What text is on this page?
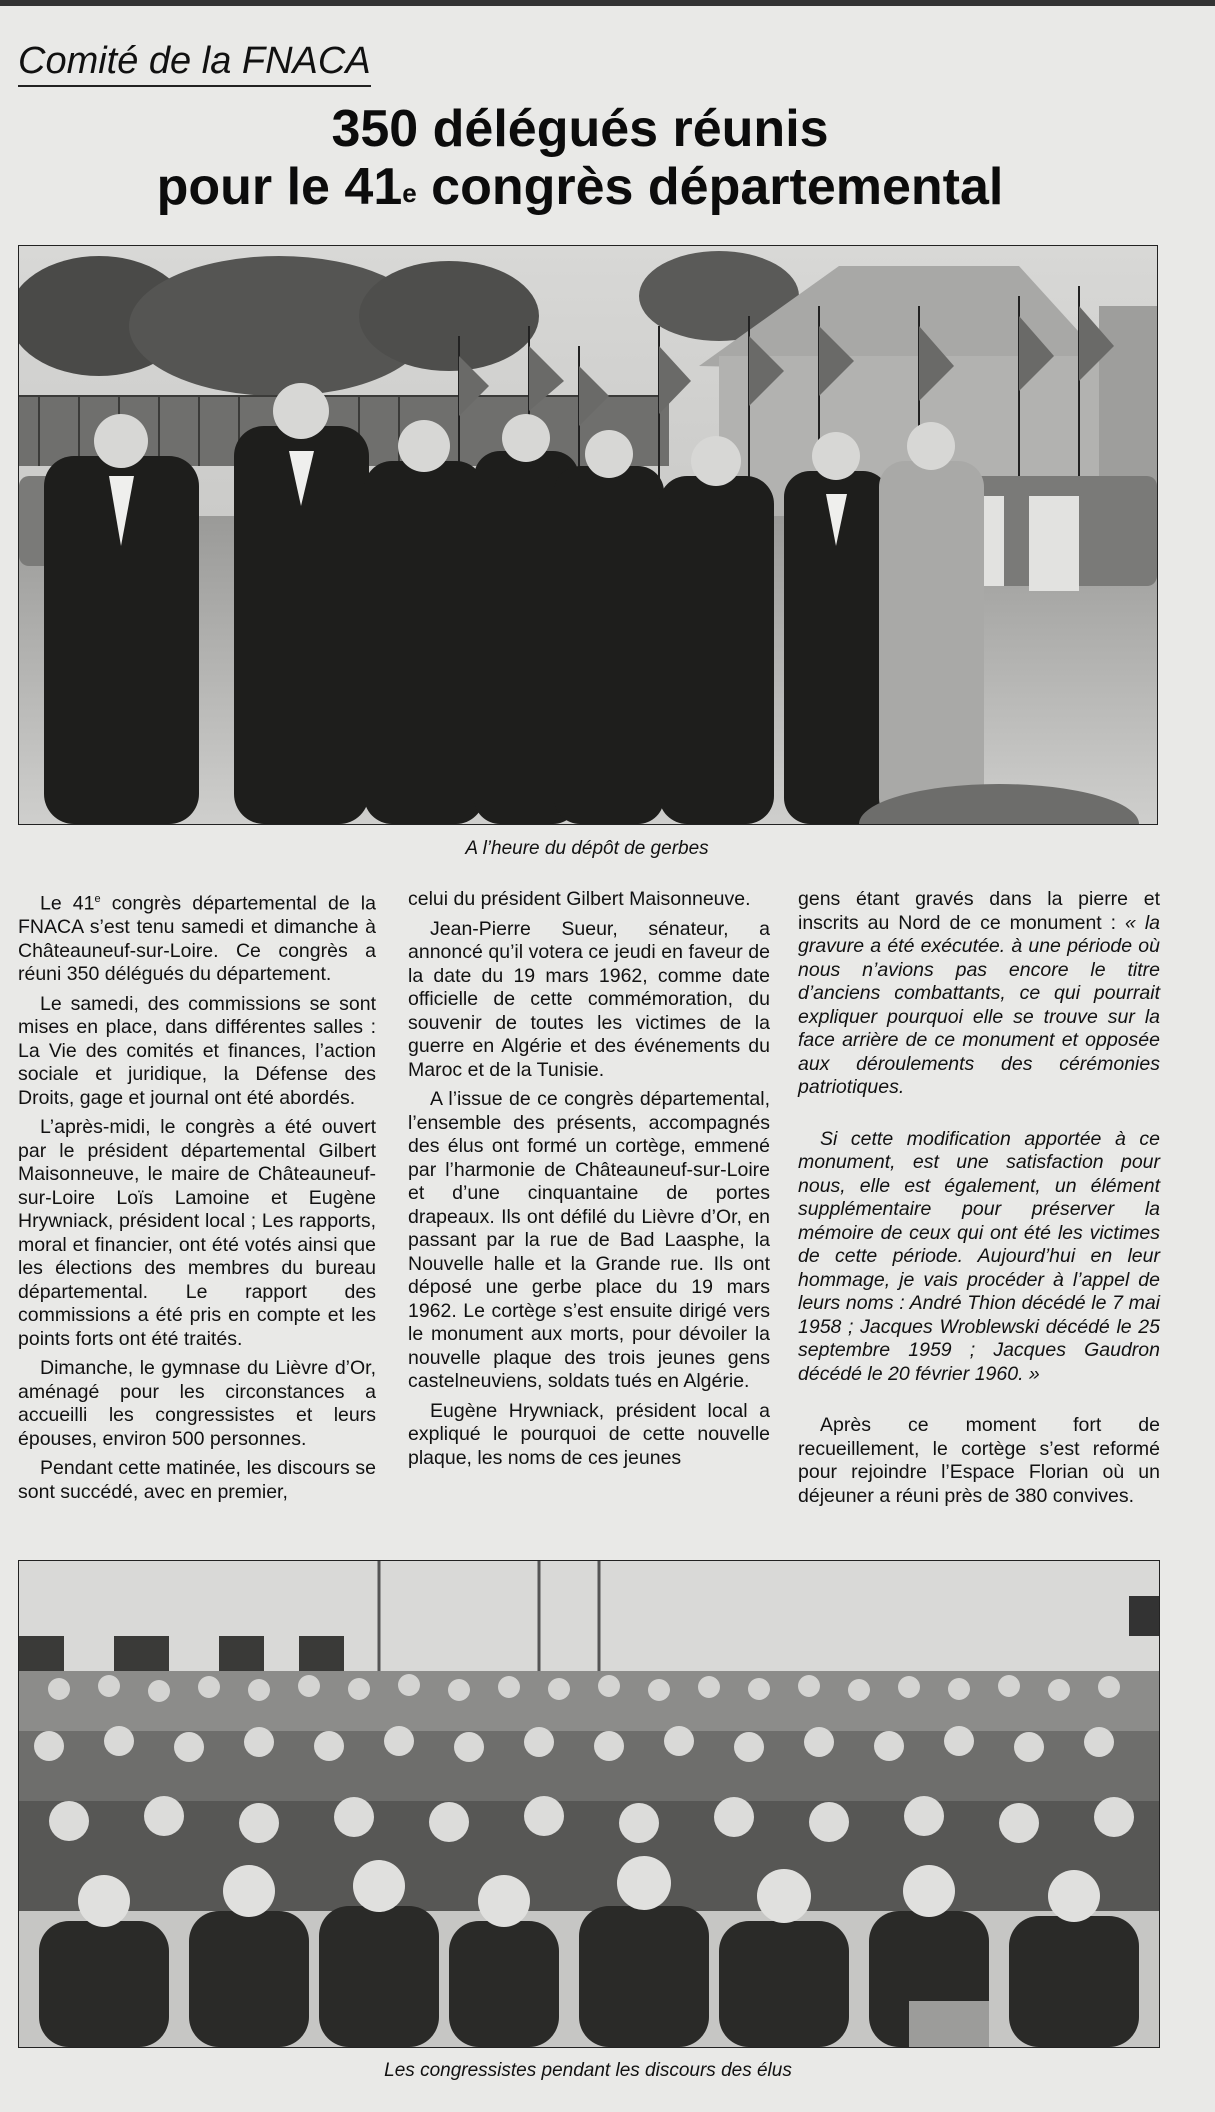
Comité de la FNACA
350 délégués réunis
pour le 41e congrès départemental
A l’heure du dépôt de gerbes

Le 41e congrès départemental de la FNACA s’est tenu samedi et dimanche à Châteauneuf-sur-Loire. Ce congrès a réuni 350 délégués du département.

Le samedi, des commissions se sont mises en place, dans différentes salles : La Vie des comités et finances, l’action sociale et juridique, la Défense des Droits, gage et journal ont été abordés.

L’après-midi, le congrès a été ouvert par le président départemental Gilbert Maisonneuve, le maire de Châteauneuf-sur-Loire Loïs Lamoine et Eugène Hrywniack, président local ; Les rapports, moral et financier, ont été votés ainsi que les élections des membres du bureau départemental. Le rapport des commissions a été pris en compte et les points forts ont été traités.

Dimanche, le gymnase du Lièvre d’Or, aménagé pour les circonstances a accueilli les congressistes et leurs épouses, environ 500 personnes.

Pendant cette matinée, les discours se sont succédé, avec en premier,

celui du président Gilbert Maisonneuve.

Jean-Pierre Sueur, sénateur, a annoncé qu’il votera ce jeudi en faveur de la date du 19 mars 1962, comme date officielle de cette commémoration, du souvenir de toutes les victimes de la guerre en Algérie et des événements du Maroc et de la Tunisie.

A l’issue de ce congrès départemental, l’ensemble des présents, accompagnés des élus ont formé un cortège, emmené par l’harmonie de Châteauneuf-sur-Loire et d’une cinquantaine de portes drapeaux. Ils ont défilé du Lièvre d’Or, en passant par la rue de Bad Laasphe, la Nouvelle halle et la Grande rue. Ils ont déposé une gerbe place du 19 mars 1962. Le cortège s’est ensuite dirigé vers le monument aux morts, pour dévoiler la nouvelle plaque des trois jeunes gens castelneuviens, soldats tués en Algérie.

Eugène Hrywniack, président local a expliqué le pourquoi de cette nouvelle plaque, les noms de ces jeunes

gens étant gravés dans la pierre et inscrits au Nord de ce monument : « la gravure a été exécutée. à une période où nous n’avions pas encore le titre d’anciens combattants, ce qui pourrait expliquer pourquoi elle se trouve sur la face arrière de ce monument et opposée aux déroulements des cérémonies patriotiques.

Si cette modification apportée à ce monument, est une satisfaction pour nous, elle est également, un élément supplémentaire pour préserver la mémoire de ceux qui ont été les victimes de cette période. Aujourd’hui en leur hommage, je vais procéder à l’appel de leurs noms : André Thion décédé le 7 mai 1958 ; Jacques Wroblewski décédé le 25 septembre 1959 ; Jacques Gaudron décédé le 20 février 1960. »

Après ce moment fort de recueillement, le cortège s’est reformé pour rejoindre l’Espace Florian où un déjeuner a réuni près de 380 convives.

Les congressistes pendant les discours des élus
